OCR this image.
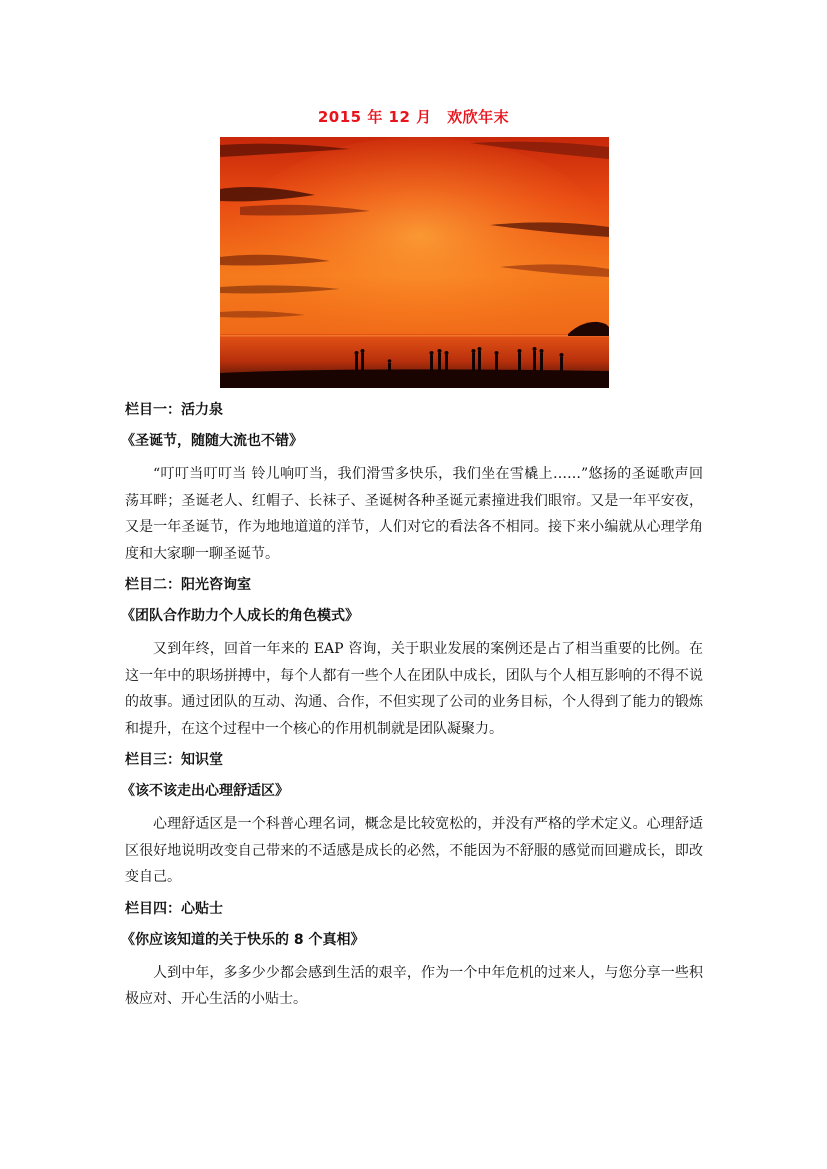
2015 年 12 月　欢欣年末

栏目一：活力泉

《圣诞节，随随大流也不错》

“叮叮当叮叮当 铃儿响叮当，我们滑雪多快乐，我们坐在雪橇上……”悠扬的圣诞歌声回荡耳畔；圣诞老人、红帽子、长袜子、圣诞树各种圣诞元素撞进我们眼帘。又是一年平安夜，又是一年圣诞节，作为地地道道的洋节，人们对它的看法各不相同。接下来小编就从心理学角度和大家聊一聊圣诞节。

栏目二：阳光咨询室

《团队合作助力个人成长的角色模式》

又到年终，回首一年来的 EAP 咨询，关于职业发展的案例还是占了相当重要的比例。在这一年中的职场拼搏中，每个人都有一些个人在团队中成长，团队与个人相互影响的不得不说的故事。通过团队的互动、沟通、合作，不但实现了公司的业务目标，个人得到了能力的锻炼和提升，在这个过程中一个核心的作用机制就是团队凝聚力。

栏目三：知识堂

《该不该走出心理舒适区》

心理舒适区是一个科普心理名词，概念是比较宽松的，并没有严格的学术定义。心理舒适区很好地说明改变自己带来的不适感是成长的必然，不能因为不舒服的感觉而回避成长，即改变自己。

栏目四：心贴士

《你应该知道的关于快乐的 8 个真相》

人到中年，多多少少都会感到生活的艰辛，作为一个中年危机的过来人，与您分享一些积极应对、开心生活的小贴士。
